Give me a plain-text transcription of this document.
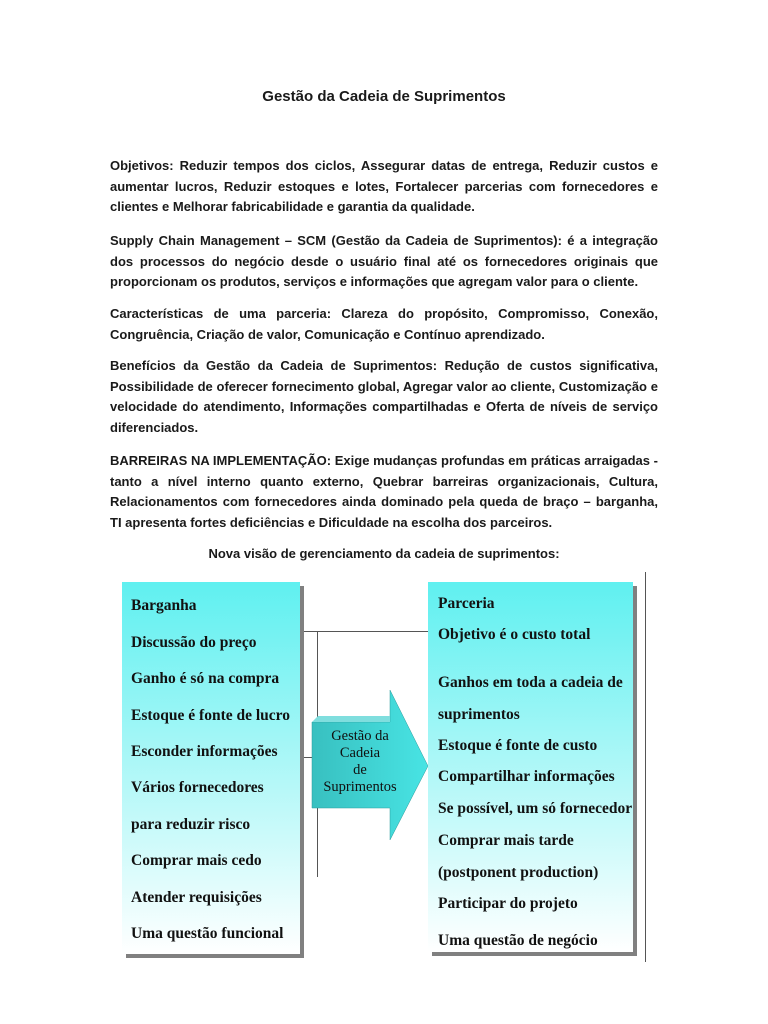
Gestão da Cadeia de Suprimentos
Objetivos: Reduzir tempos dos ciclos, Assegurar datas de entrega, Reduzir custos e aumentar lucros, Reduzir estoques e lotes, Fortalecer parcerias com fornecedores e clientes e Melhorar fabricabilidade e garantia da qualidade.
Supply Chain Management – SCM (Gestão da Cadeia de Suprimentos): é a integração dos processos do negócio desde o usuário final até os fornecedores originais que proporcionam os produtos, serviços e informações que agregam valor para o cliente.
Características de uma parceria: Clareza do propósito, Compromisso, Conexão, Congruência, Criação de valor, Comunicação e Contínuo aprendizado.
Benefícios da Gestão da Cadeia de Suprimentos: Redução de custos significativa, Possibilidade de oferecer fornecimento global, Agregar valor ao cliente, Customização e velocidade do atendimento, Informações compartilhadas e Oferta de níveis de serviço diferenciados.
BARREIRAS NA IMPLEMENTAÇÃO: Exige mudanças profundas em práticas arraigadas - tanto a nível interno quanto externo, Quebrar barreiras organizacionais, Cultura, Relacionamentos com fornecedores ainda dominado pela queda de braço – barganha, TI apresenta fortes deficiências e Dificuldade na escolha dos parceiros.
Nova visão de gerenciamento da cadeia de suprimentos:
Barganha
Discussão do preço
Ganho é só na compra
Estoque é fonte de lucro
Esconder informações
Vários fornecedores
para reduzir risco
Comprar mais cedo
Atender requisições
Uma questão funcional
Gestão da
Cadeia
de
Suprimentos
Parceria
Objetivo é o custo total
Ganhos em toda a cadeia de
suprimentos
Estoque é fonte de custo
Compartilhar informações
Se possível, um só fornecedor
Comprar mais tarde
(postponent production)
Participar do projeto
Uma questão de negócio
